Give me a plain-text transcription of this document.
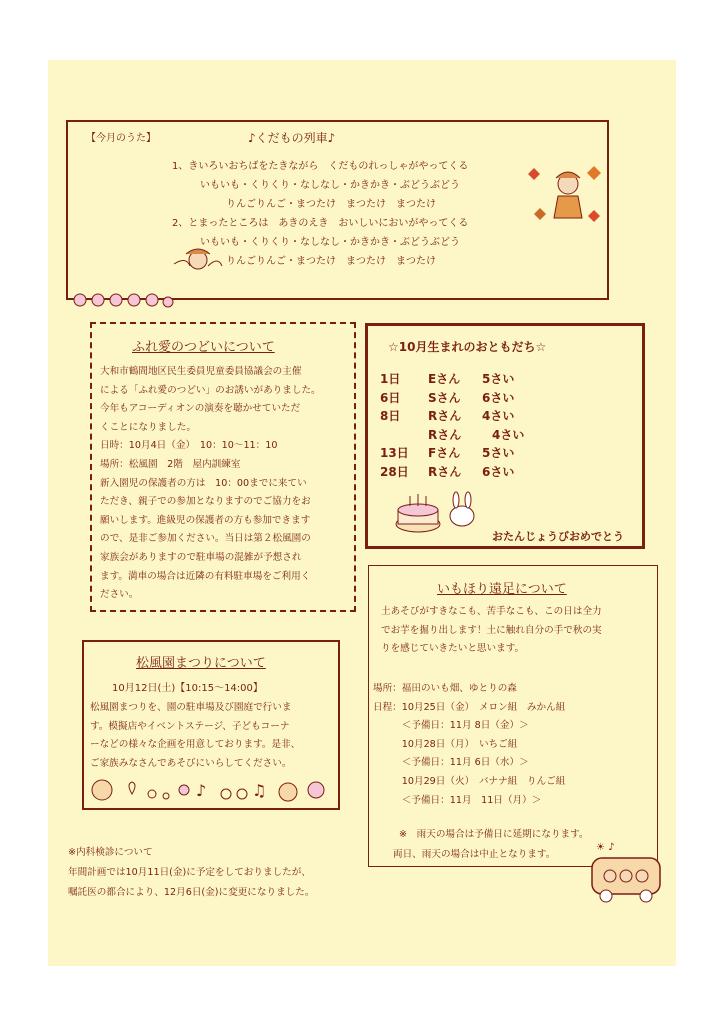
【今月のうた】	♪くだもの列車♪
1、きいろいおちばをたきながら　くだものれっしゃがやってくる
いもいも・くりくり・なしなし・かきかき・ぶどうぶどう
りんごりんご・まつたけ　まつたけ　まつたけ
2、とまったところは　あきのえき　おいしいにおいがやってくる
いもいも・くりくり・なしなし・かきかき・ぶどうぶどう
りんごりんご・まつたけ　まつたけ　まつたけ
ふれ愛のつどいについて
大和市鶴間地区民生委員児童委員協議会の主催
による「ふれ愛のつどい」のお誘いがありました。
今年もアコーディオンの演奏を聴かせていただ
くことになりました。
日時：10月4日（金）　10：10〜11：10
場所：松風園　2階　屋内訓練室
新入園児の保護者の方は　10：00までに来てい
ただき、親子での参加となりますのでご協力をお
願いします。進級児の保護者の方も参加できます
ので、是非ご参加ください。当日は第２松風園の
家族会がありますので駐車場の混雑が予想され
ます。満車の場合は近隣の有料駐車場をご利用く
ださい。
☆10月生まれのおともだち☆
1日 Eさん 5さい
6日 Sさん 6さい
8日 Rさん 4さい
Rさん	4さい
13日 Fさん 5さい
28日 Rさん 6さい
おたんじょうびおめでとう
いもほり遠足について
土あそびがすきなこも、苦手なこも、この日は全力
でお芋を掘り出します！土に触れ自分の手で秋の実
りを感じていきたいと思います。
場所：福田のいも畑、ゆとりの森
日程：10月25日（金）　メロン組　みかん組
　　　＜予備日：11月 8日（金）＞
　　　10月28日（月）　いちご組
　　　＜予備日：11月 6日（水）＞
　　　10月29日（火）　バナナ組　りんご組
　　　＜予備日：11月　11日（月）＞
※　雨天の場合は予備日に延期になります。
両日、雨天の場合は中止となります。
☀ ♪
松風園まつりについて
10月12日(土)【10:15〜14:00】
松風園まつりを、園の駐車場及び園庭で行いま
す。模擬店やイベントステージ、子どもコーナ
ーなどの様々な企画を用意しております。是非、
ご家族みなさんであそびにいらしてください。
♪	♫
※内科検診について
年間計画では10月11日(金)に予定をしておりましたが、
嘱託医の都合により、12月6日(金)に変更になりました。
